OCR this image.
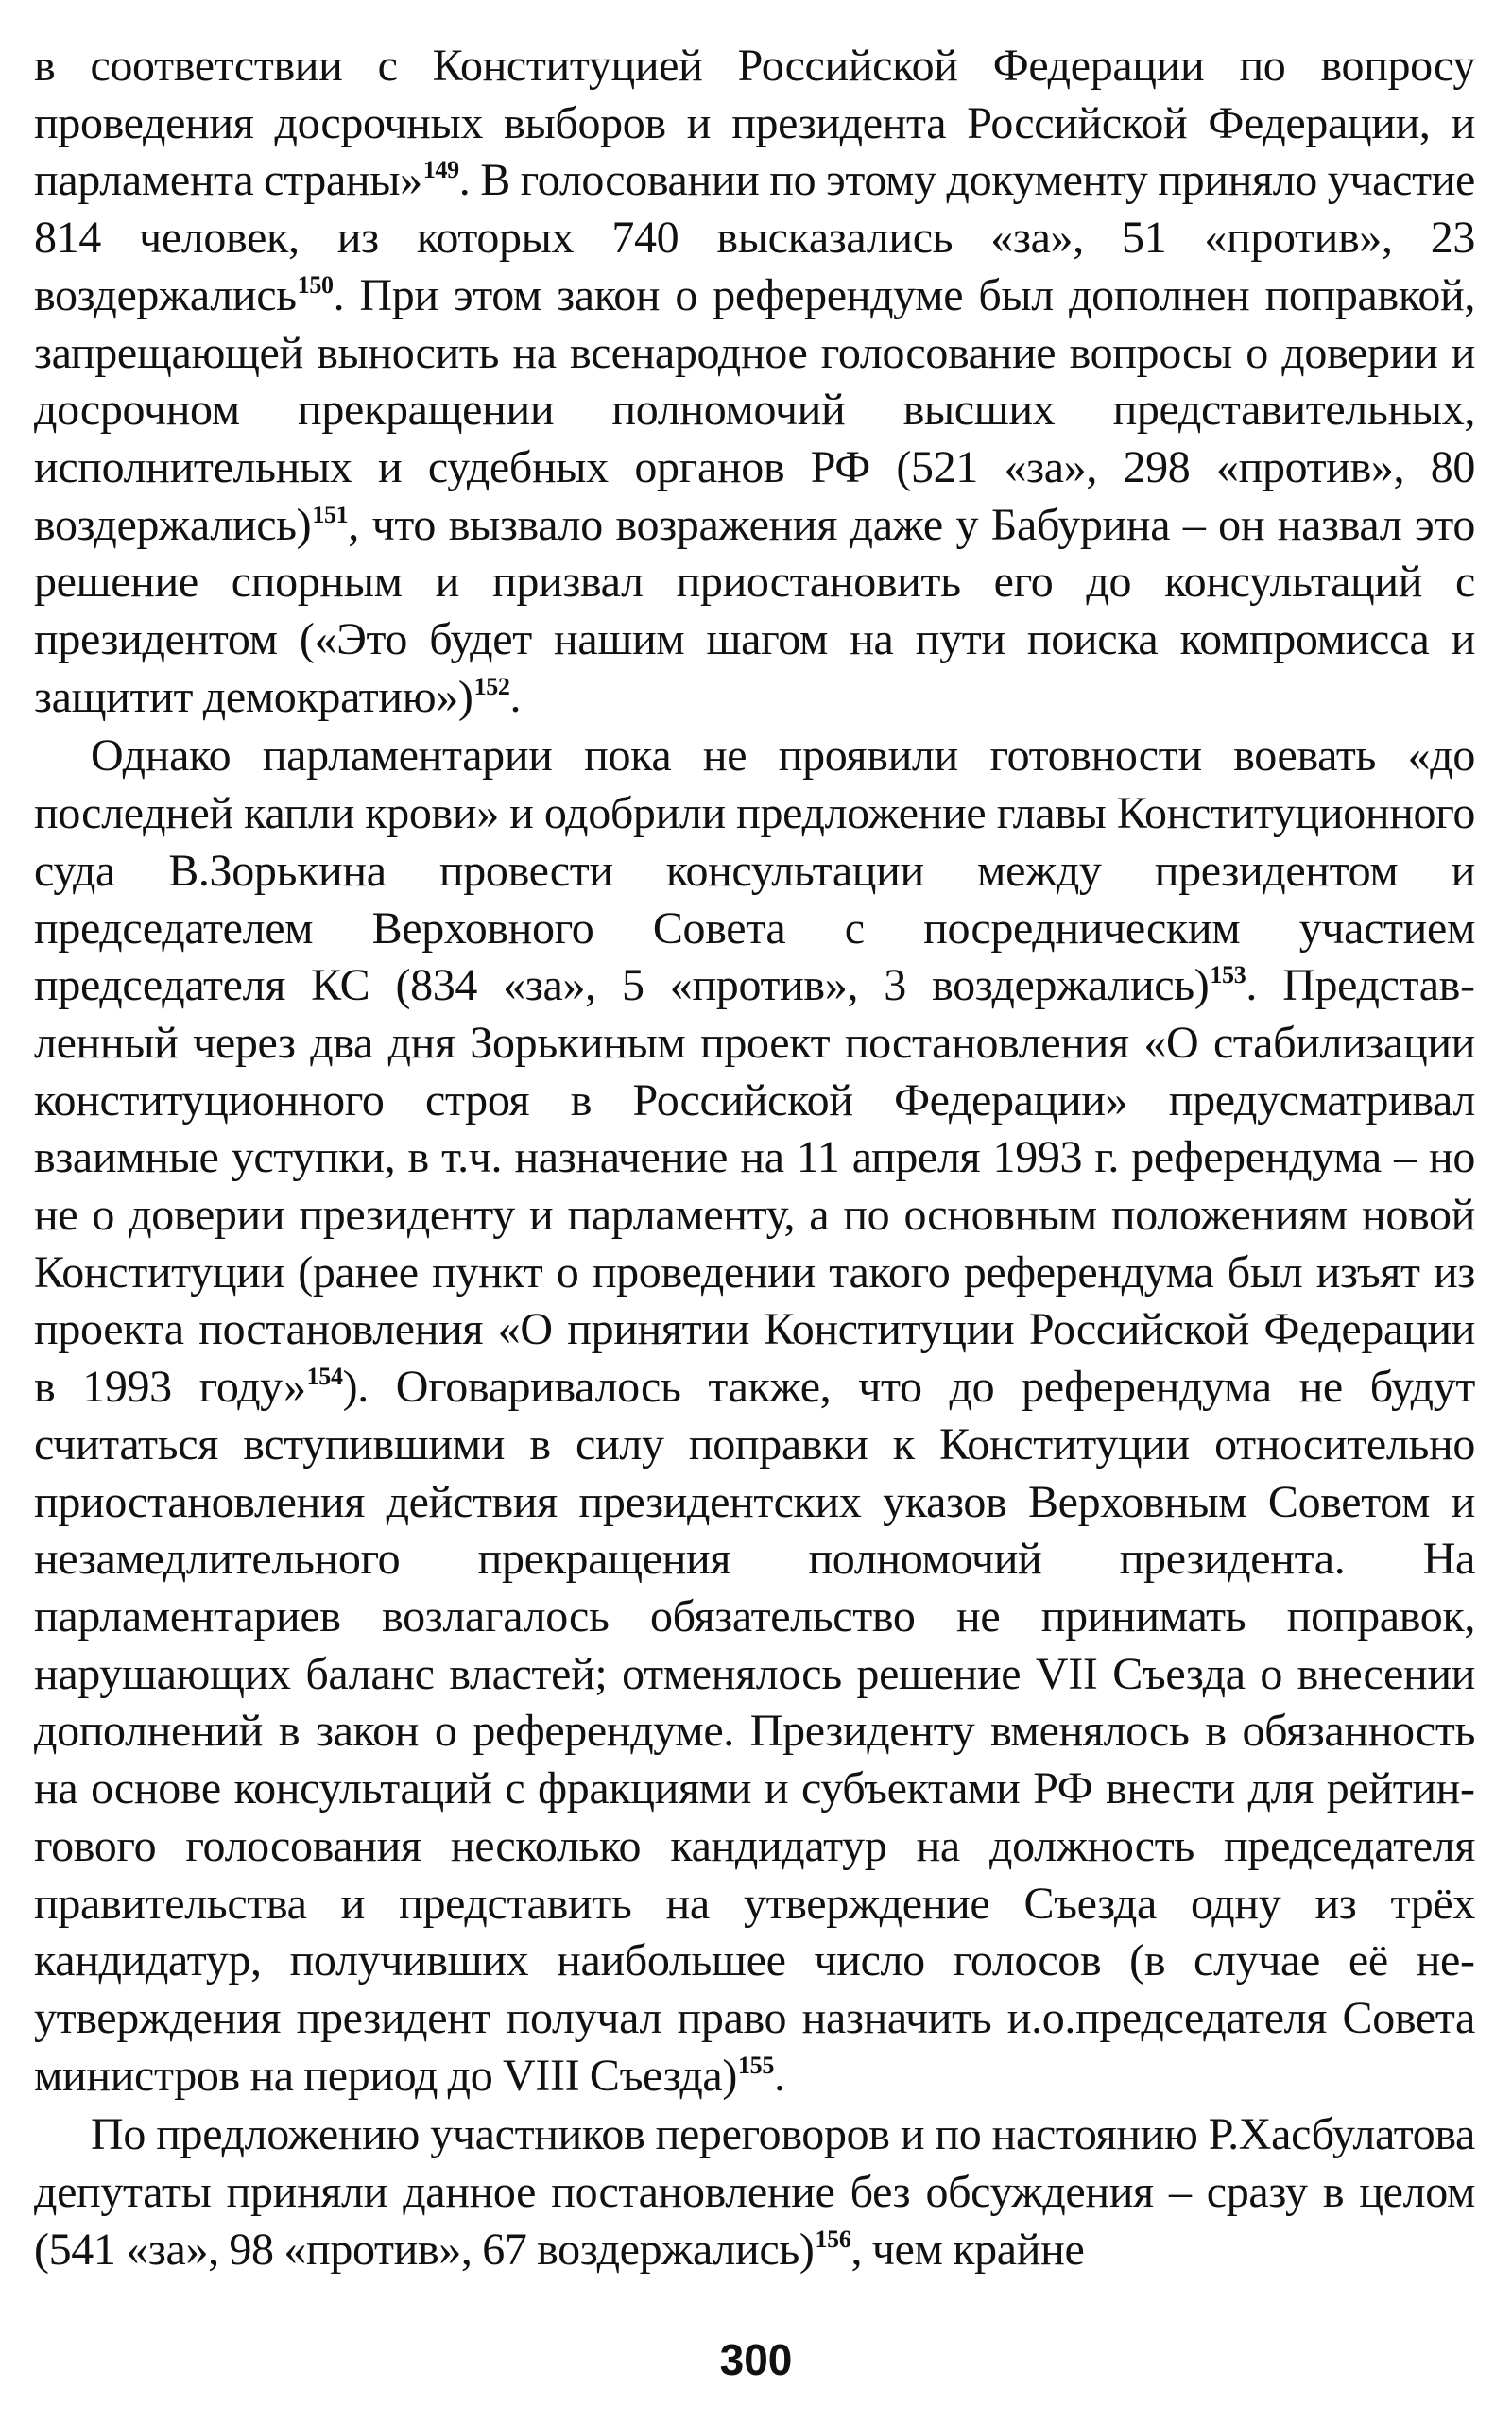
в соответствии с Конституцией Российской Федерации по вопросу проведения досрочных выборов и президента Российской Федерации, и парламента страны»$^{149}$. В голосовании по этому документу приняло участие 814 человек, из которых 740 высказались «за», 51 «против», 23 воздержались$^{150}$. При этом закон о референдуме был дополнен поправкой, запрещающей выносить на всенародное голосование вопросы о доверии и досрочном прекращении полномочий высших представительных, исполнительных и судебных органов РФ (521 «за», 298 «против», 80 воздержались)$^{151}$, что вызвало возражения даже у Бабурина – он назвал это решение спорным и призвал приостановить его до консультаций с президентом («Это будет нашим шагом на пути поиска компромисса и защитит демократию»)$^{152}$.

Однако парламентарии пока не проявили готовности воевать «до последней капли крови» и одобрили предложение главы Конституционного суда В.Зорькина провести консультации между президентом и председателем Верховного Совета с посредническим участием председателя КС (834 «за», 5 «против», 3 воздержались)$^{153}$. Представленный через два дня Зорькиным проект постановления «О стабилизации конституционного строя в Российской Федерации» предусматривал взаимные уступки, в т.ч. назначение на 11 апреля 1993 г. референдума – но не о доверии президенту и парламенту, а по основным положениям новой Конституции (ранее пункт о проведении такого референдума был изъят из проекта постановления «О принятии Конституции Российской Федерации в 1993 году»$^{154}$). Оговаривалось также, что до референдума не будут считаться вступившими в силу поправки к Конституции относительно приостановления действия президентских указов Верховным Советом и незамедлительного прекращения полномочий президента. На парламентариев возлагалось обязательство не принимать поправок, нарушающих баланс властей; отменялось решение VII Съезда о внесении дополнений в закон о референдуме. Президенту вменялось в обязанность на основе консультаций с фракциями и субъектами РФ внести для рейтингового голосования несколько кандидатур на должность председателя правительства и представить на утверждение Съезда одну из трёх кандидатур, получивших наибольшее число голосов (в случае её неутверждения президент получал право назначить и.о.председателя Совета министров на период до VIII Съезда)$^{155}$.

По предложению участников переговоров и по настоянию Р.Хасбулатова депутаты приняли данное постановление без обсуждения – сразу в целом (541 «за», 98 «против», 67 воздержались)$^{156}$, чем крайне

300
